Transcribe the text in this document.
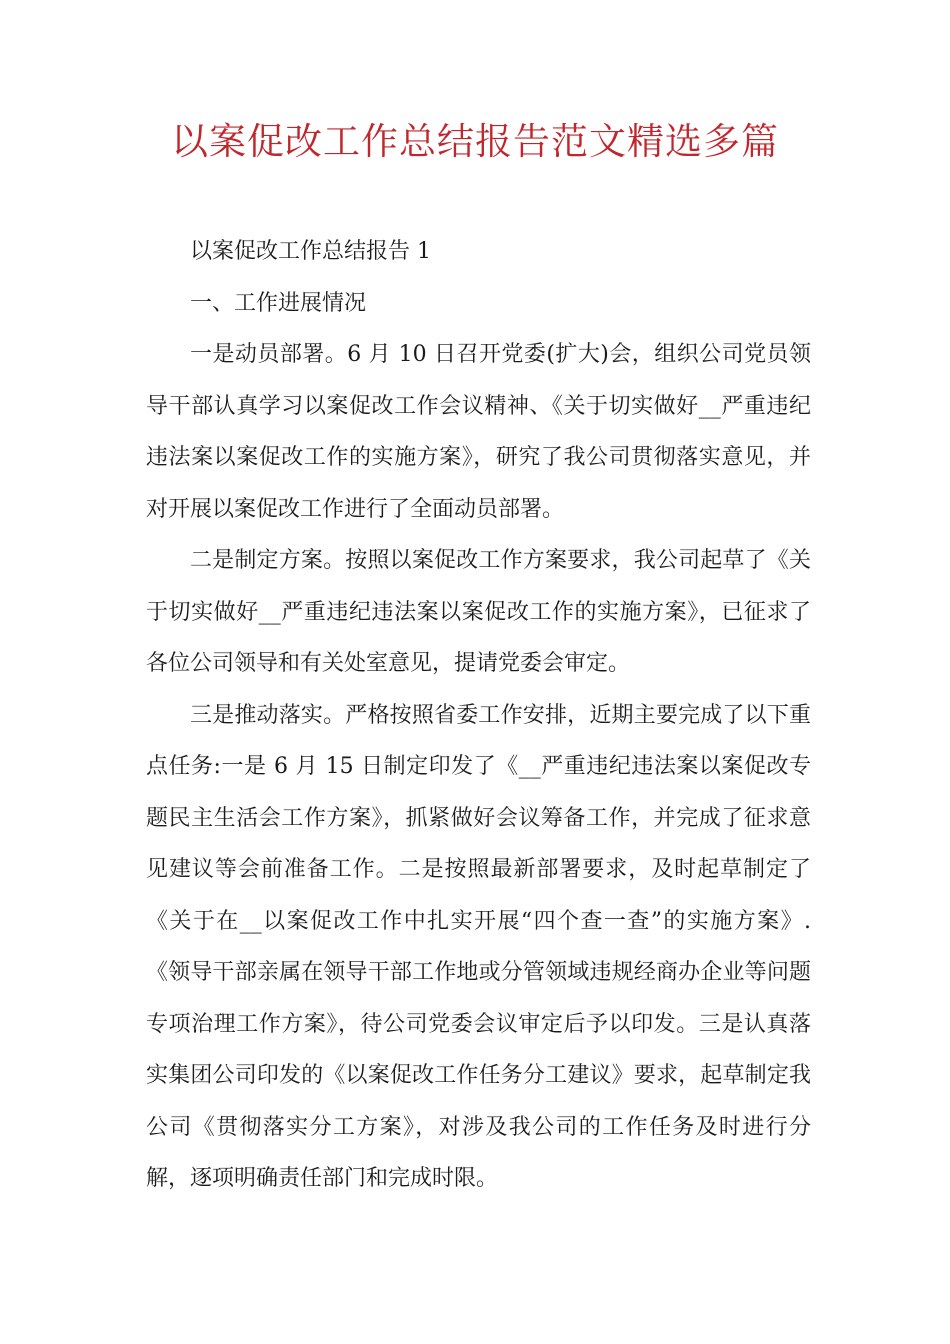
以案促改工作总结报告范文精选多篇

以案促改工作总结报告 1

一、工作进展情况

一是动员部署。6 月 10 日召开党委(扩大)会，组织公司党员领导干部认真学习以案促改工作会议精神、《关于切实做好__严重违纪违法案以案促改工作的实施方案》，研究了我公司贯彻落实意见，并对开展以案促改工作进行了全面动员部署。

二是制定方案。按照以案促改工作方案要求，我公司起草了《关于切实做好__严重违纪违法案以案促改工作的实施方案》，已征求了各位公司领导和有关处室意见，提请党委会审定。

三是推动落实。严格按照省委工作安排，近期主要完成了以下重点任务:一是 6 月 15 日制定印发了《__严重违纪违法案以案促改专题民主生活会工作方案》，抓紧做好会议筹备工作，并完成了征求意见建议等会前准备工作。二是按照最新部署要求，及时起草制定了《关于在__以案促改工作中扎实开展“四个查一查”的实施方案》.《领导干部亲属在领导干部工作地或分管领域违规经商办企业等问题专项治理工作方案》，待公司党委会议审定后予以印发。三是认真落实集团公司印发的《以案促改工作任务分工建议》要求，起草制定我公司《贯彻落实分工方案》，对涉及我公司的工作任务及时进行分解，逐项明确责任部门和完成时限。
